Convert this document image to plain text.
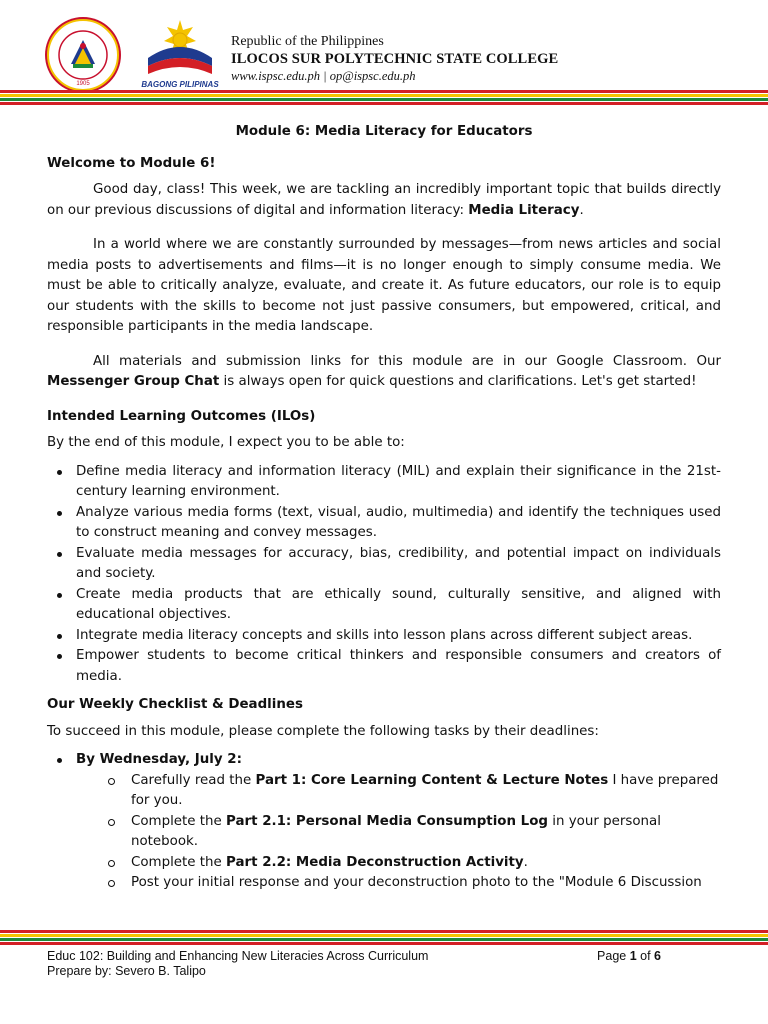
1905	BAGONG PILIPINAS
Republic of the Philippines
ILOCOS SUR POLYTECHNIC STATE COLLEGE
www.ispsc.edu.ph | op@ispsc.edu.ph

Module 6: Media Literacy for Educators

Welcome to Module 6!

Good day, class! This week, we are tackling an incredibly important topic that builds directly on our previous discussions of digital and information literacy: Media Literacy.

In a world where we are constantly surrounded by messages—from news articles and social media posts to advertisements and films—it is no longer enough to simply consume media. We must be able to critically analyze, evaluate, and create it. As future educators, our role is to equip our students with the skills to become not just passive consumers, but empowered, critical, and responsible participants in the media landscape.

All materials and submission links for this module are in our Google Classroom. Our Messenger Group Chat is always open for quick questions and clarifications. Let's get started!

Intended Learning Outcomes (ILOs)

By the end of this module, I expect you to be able to:

Define media literacy and information literacy (MIL) and explain their significance in the 21st-century learning environment.
Analyze various media forms (text, visual, audio, multimedia) and identify the techniques used to construct meaning and convey messages.
Evaluate media messages for accuracy, bias, credibility, and potential impact on individuals and society.
Create media products that are ethically sound, culturally sensitive, and aligned with educational objectives.
Integrate media literacy concepts and skills into lesson plans across different subject areas.
Empower students to become critical thinkers and responsible consumers and creators of media.
Our Weekly Checklist & Deadlines

To succeed in this module, please complete the following tasks by their deadlines:

By Wednesday, July 2:
Carefully read the Part 1: Core Learning Content & Lecture Notes I have prepared for you.
Complete the Part 2.1: Personal Media Consumption Log in your personal notebook.
Complete the Part 2.2: Media Deconstruction Activity.
Post your initial response and your deconstruction photo to the "Module 6 Discussion
Educ 102: Building and Enhancing New Literacies Across Curriculum	Page 1 of 6
Prepare by: Severo B. Talipo
